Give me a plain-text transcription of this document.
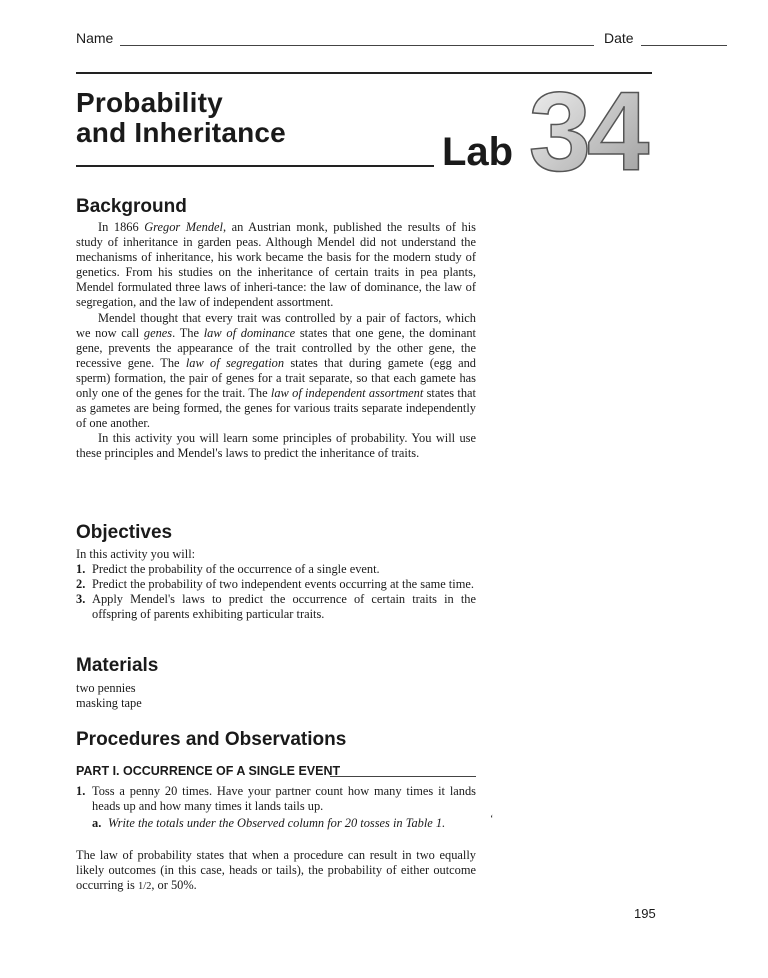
Name	Date
Probability
and Inheritance	Lab 34
Background

In 1866 Gregor Mendel, an Austrian monk, published the results of his study of inheritance in garden peas. Although Mendel did not understand the mechanisms of inheritance, his work became the basis for the modern study of genetics. From his studies on the inheritance of certain traits in pea plants, Mendel formulated three laws of inheri-tance: the law of dominance, the law of segregation, and the law of independent assortment.

Mendel thought that every trait was controlled by a pair of factors, which we now call genes. The law of dominance states that one gene, the dominant gene, prevents the appearance of the trait controlled by the other gene, the recessive gene. The law of segregation states that during gamete (egg and sperm) formation, the pair of genes for a trait separate, so that each gamete has only one of the genes for the trait. The law of independent assortment states that as gametes are being formed, the genes for various traits separate independently of one another.

In this activity you will learn some principles of probability. You will use these principles and Mendel's laws to predict the inheritance of traits.

Objectives
In this activity you will:
1. Predict the probability of the occurrence of a single event.
2. Predict the probability of two independent events occurring at the same time.
3. Apply Mendel's laws to predict the occurrence of certain traits in the offspring of parents exhibiting particular traits.
Materials
two pennies
masking tape
Procedures and Observations
PART I. OCCURRENCE OF A SINGLE EVENT
1. Toss a penny 20 times. Have your partner count how many times it lands heads up and how many times it lands tails up.
a. Write the totals under the Observed column for 20 tosses in Table 1.	‘

The law of probability states that when a procedure can result in two equally likely outcomes (in this case, heads or tails), the probability of either outcome occurring is 1/2, or 50%.

195
